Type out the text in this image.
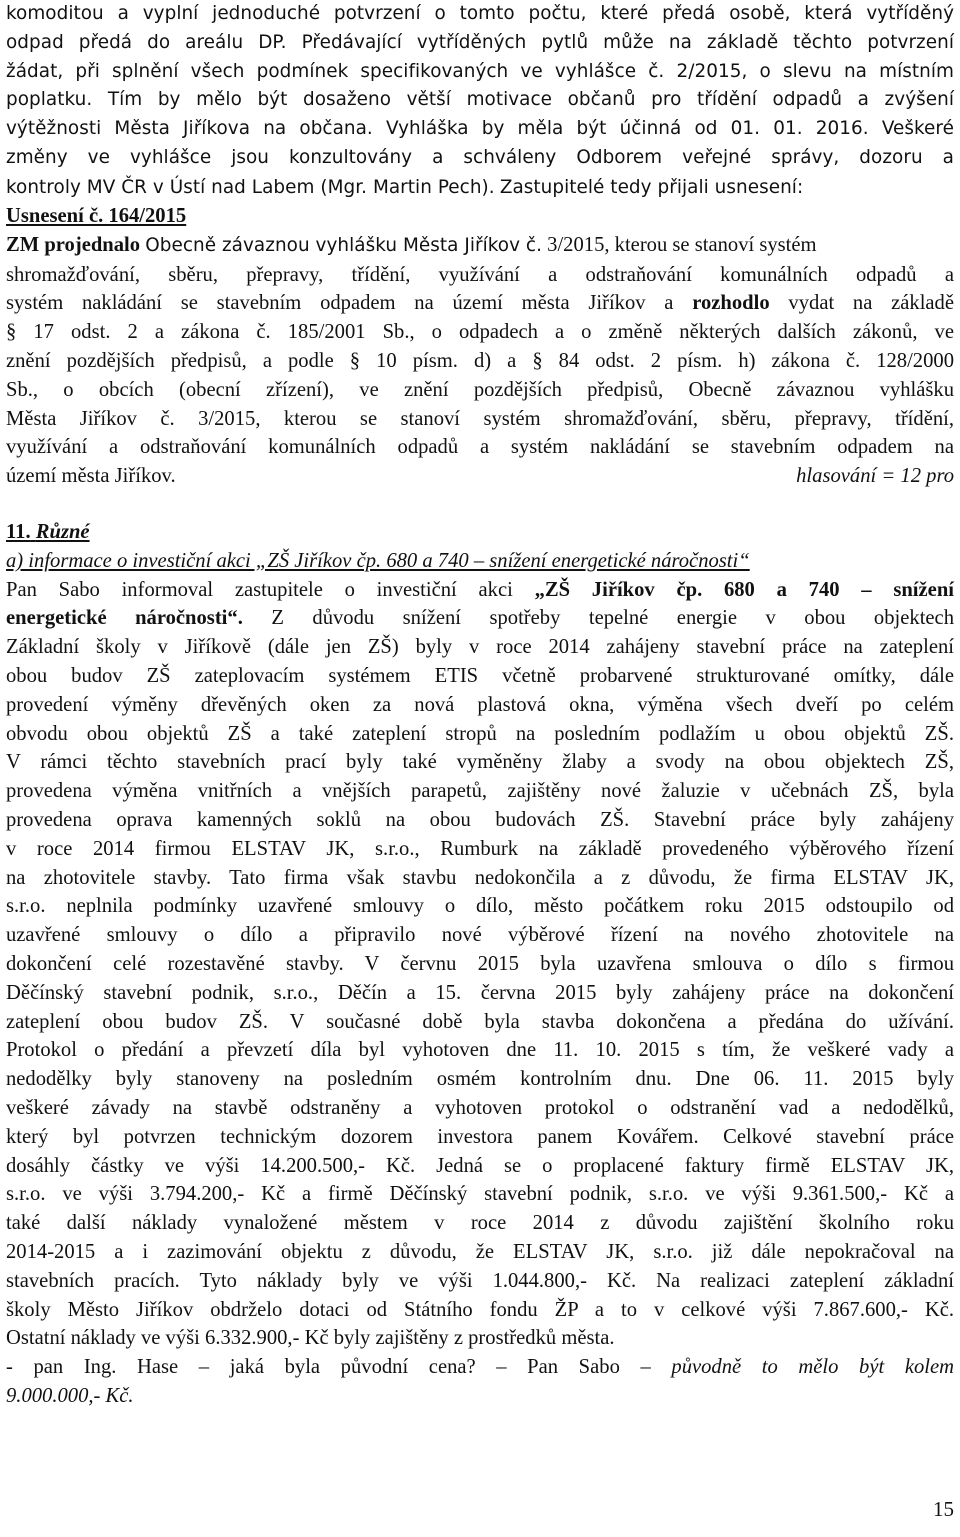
komoditou a vyplní jednoduché potvrzení o tomto počtu, které předá osobě, která vytříděný
odpad předá do areálu DP. Předávající vytříděných pytlů může na základě těchto potvrzení
žádat, při splnění všech podmínek specifikovaných ve vyhlášce č. 2/2015, o slevu na místním
poplatku. Tím by mělo být dosaženo větší motivace občanů pro třídění odpadů a zvýšení
výtěžnosti Města Jiříkova na občana. Vyhláška by měla být účinná od 01. 01. 2016. Veškeré
změny ve vyhlášce jsou konzultovány a schváleny Odborem veřejné správy, dozoru a
kontroly MV ČR v Ústí nad Labem (Mgr. Martin Pech). Zastupitelé tedy přijali usnesení:
Usnesení č. 164/2015
ZM projednalo Obecně závaznou vyhlášku Města Jiříkov č. 3/2015, kterou se stanoví systém
shromažďování, sběru, přepravy, třídění, využívání a odstraňování komunálních odpadů a
systém nakládání se stavebním odpadem na území města Jiříkov a rozhodlo vydat na základě
§ 17 odst. 2 a zákona č. 185/2001 Sb., o odpadech a o změně některých dalších zákonů, ve
znění pozdějších předpisů, a podle § 10 písm. d) a § 84 odst. 2 písm. h) zákona č. 128/2000
Sb., o obcích (obecní zřízení), ve znění pozdějších předpisů, Obecně závaznou vyhlášku
Města Jiříkov č. 3/2015, kterou se stanoví systém shromažďování, sběru, přepravy, třídění,
využívání a odstraňování komunálních odpadů a systém nakládání se stavebním odpadem na
území města Jiříkov.	hlasování = 12 pro
11. Různé
a) informace o investiční akci „ZŠ Jiříkov čp. 680 a 740 – snížení energetické náročnosti“
Pan Sabo informoval zastupitele o investiční akci „ZŠ Jiříkov čp. 680 a 740 – snížení
energetické náročnosti“. Z důvodu snížení spotřeby tepelné energie v obou objektech
Základní školy v Jiříkově (dále jen ZŠ) byly v roce 2014 zahájeny stavební práce na zateplení
obou budov ZŠ zateplovacím systémem ETIS včetně probarvené strukturované omítky, dále
provedení výměny dřevěných oken za nová plastová okna, výměna všech dveří po celém
obvodu obou objektů ZŠ a také zateplení stropů na posledním podlažím u obou objektů ZŠ.
V rámci těchto stavebních prací byly také vyměněny žlaby a svody na obou objektech ZŠ,
provedena výměna vnitřních a vnějších parapetů, zajištěny nové žaluzie v učebnách ZŠ, byla
provedena oprava kamenných soklů na obou budovách ZŠ. Stavební práce byly zahájeny
v roce 2014 firmou ELSTAV JK, s.r.o., Rumburk na základě provedeného výběrového řízení
na zhotovitele stavby. Tato firma však stavbu nedokončila a z důvodu, že firma ELSTAV JK,
s.r.o. neplnila podmínky uzavřené smlouvy o dílo, město počátkem roku 2015 odstoupilo od
uzavřené smlouvy o dílo a připravilo nové výběrové řízení na nového zhotovitele na
dokončení celé rozestavěné stavby. V červnu 2015 byla uzavřena smlouva o dílo s firmou
Děčínský stavební podnik, s.r.o., Děčín a 15. června 2015 byly zahájeny práce na dokončení
zateplení obou budov ZŠ. V současné době byla stavba dokončena a předána do užívání.
Protokol o předání a převzetí díla byl vyhotoven dne 11. 10. 2015 s tím, že veškeré vady a
nedodělky byly stanoveny na posledním osmém kontrolním dnu. Dne 06. 11. 2015 byly
veškeré závady na stavbě odstraněny a vyhotoven protokol o odstranění vad a nedodělků,
který byl potvrzen technickým dozorem investora panem Kovářem. Celkové stavební práce
dosáhly částky ve výši 14.200.500,- Kč. Jedná se o proplacené faktury firmě ELSTAV JK,
s.r.o. ve výši 3.794.200,- Kč a firmě Děčínský stavební podnik, s.r.o. ve výši 9.361.500,- Kč a
také další náklady vynaložené městem v roce 2014 z důvodu zajištění školního roku
2014-2015 a i zazimování objektu z důvodu, že ELSTAV JK, s.r.o. již dále nepokračoval na
stavebních pracích. Tyto náklady byly ve výši 1.044.800,- Kč. Na realizaci zateplení základní
školy Město Jiříkov obdrželo dotaci od Státního fondu ŽP a to v celkové výši 7.867.600,- Kč.
Ostatní náklady ve výši 6.332.900,- Kč byly zajištěny z prostředků města.
- pan Ing. Hase – jaká byla původní cena? – Pan Sabo – původně to mělo být kolem
9.000.000,- Kč.
15
